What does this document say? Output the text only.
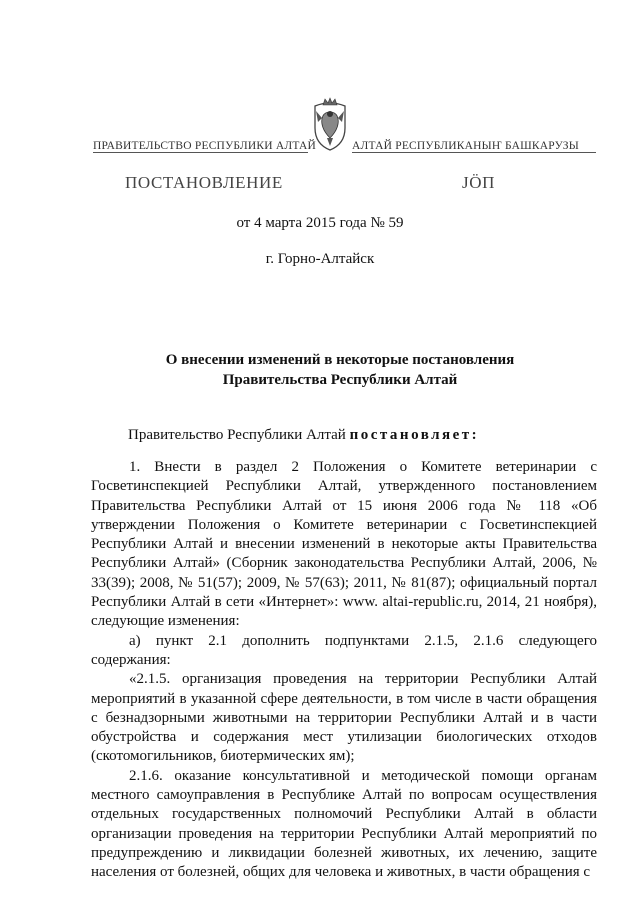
ПРАВИТЕЛЬСТВО РЕСПУБЛИКИ АЛТАЙ	АЛТАЙ РЕСПУБЛИКАНЫҤ БАШКАРУЗЫ
ПОСТАНОВЛЕНИЕ	JӦП
от 4 марта 2015 года № 59
г. Горно-Алтайск
О внесении изменений в некоторые постановления
Правительства Республики Алтай
Правительство Республики Алтай постановляет:

1. Внести в раздел 2 Положения о Комитете ветеринарии с Госветинспекцией Республики Алтай, утвержденного постановлением Правительства Республики Алтай от 15 июня 2006 года № 118 «Об утверждении Положения о Комитете ветеринарии с Госветинспекцией Республики Алтай и внесении изменений в некоторые акты Правительства Республики Алтай» (Сборник законодательства Республики Алтай, 2006, № 33(39); 2008, № 51(57); 2009, № 57(63); 2011, № 81(87); официальный портал Республики Алтай в сети «Интернет»: www. altai-republic.ru, 2014, 21 ноября), следующие изменения:

а) пункт 2.1 дополнить подпунктами 2.1.5, 2.1.6 следующего содержания:

«2.1.5. организация проведения на территории Республики Алтай мероприятий в указанной сфере деятельности, в том числе в части обращения с безнадзорными животными на территории Республики Алтай и в части обустройства и содержания мест утилизации биологических отходов (скотомогильников, биотермических ям);

2.1.6. оказание консультативной и методической помощи органам местного самоуправления в Республике Алтай по вопросам осуществления отдельных государственных полномочий Республики Алтай в области организации проведения на территории Республики Алтай мероприятий по предупреждению и ликвидации болезней животных, их лечению, защите населения от болезней, общих для человека и животных, в части обращения с
